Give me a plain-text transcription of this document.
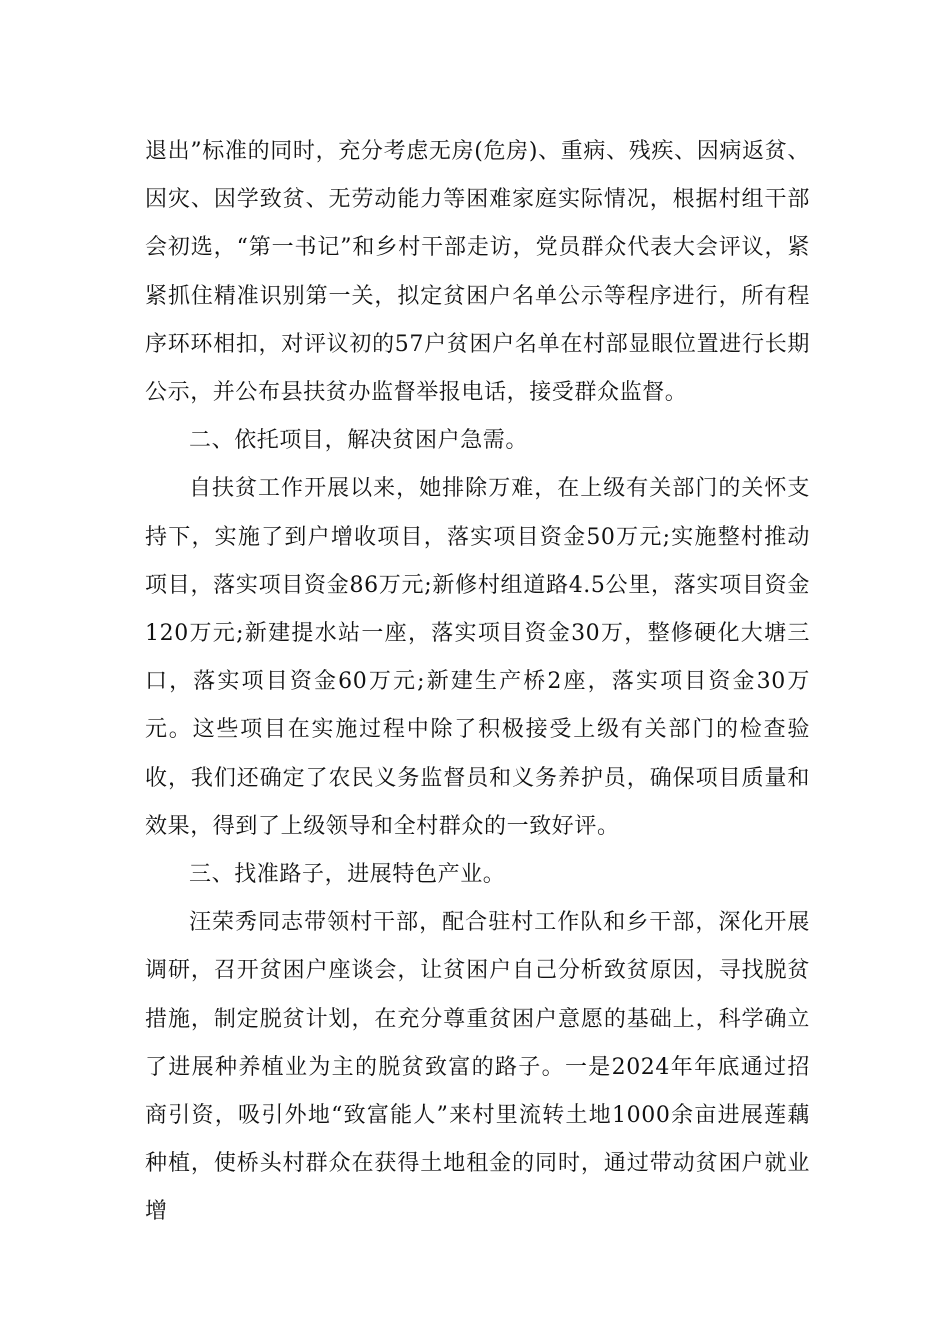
退出”标准的同时，充分考虑无房(危房)、重病、残疾、因病返贫、因灾、因学致贫、无劳动能力等困难家庭实际情况，根据村组干部会初选，“第一书记”和乡村干部走访，党员群众代表大会评议，紧紧抓住精准识别第一关，拟定贫困户名单公示等程序进行，所有程序环环相扣，对评议初的57户贫困户名单在村部显眼位置进行长期公示，并公布县扶贫办监督举报电话，接受群众监督。

二、依托项目，解决贫困户急需。

自扶贫工作开展以来，她排除万难，在上级有关部门的关怀支持下，实施了到户增收项目，落实项目资金50万元;实施整村推动项目，落实项目资金86万元;新修村组道路4.5公里，落实项目资金120万元;新建提水站一座，落实项目资金30万，整修硬化大塘三口，落实项目资金60万元;新建生产桥2座，落实项目资金30万元。这些项目在实施过程中除了积极接受上级有关部门的检查验收，我们还确定了农民义务监督员和义务养护员，确保项目质量和效果，得到了上级领导和全村群众的一致好评。

三、找准路子，进展特色产业。

汪荣秀同志带领村干部，配合驻村工作队和乡干部，深化开展调研，召开贫困户座谈会，让贫困户自己分析致贫原因，寻找脱贫措施，制定脱贫计划，在充分尊重贫困户意愿的基础上，科学确立了进展种养植业为主的脱贫致富的路子。一是2024年年底通过招商引资，吸引外地“致富能人”来村里流转土地1000余亩进展莲藕种植，使桥头村群众在获得土地租金的同时，通过带动贫困户就业增
